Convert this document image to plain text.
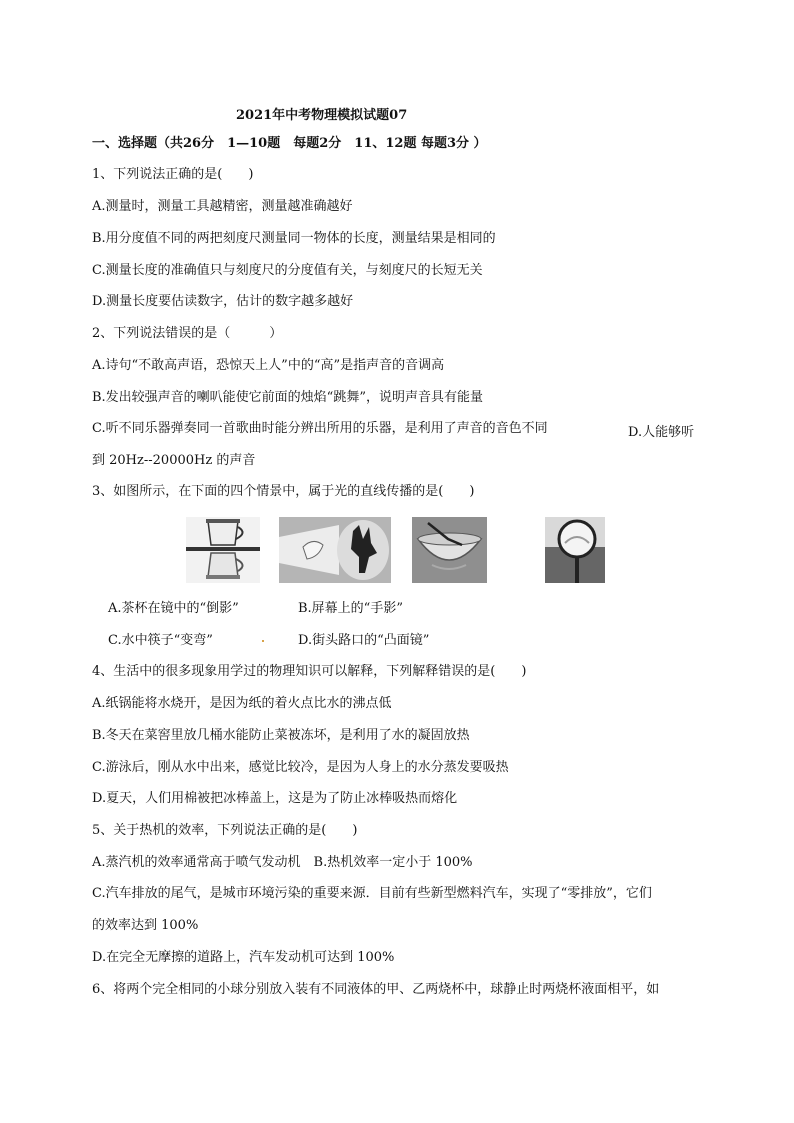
2021年中考物理模拟试题07
一、选择题（共26分　1—10题　每题2分　11、12题 每题3分 ）
1、下列说法正确的是(　　)
A.测量时，测量工具越精密，测量越准确越好
B.用分度值不同的两把刻度尺测量同一物体的长度，测量结果是相同的
C.测量长度的准确值只与刻度尺的分度值有关，与刻度尺的长短无关
D.测量长度要估读数字，估计的数字越多越好
2、下列说法错误的是（　　　）
A.诗句“不敢高声语，恐惊天上人”中的“高”是指声音的音调高
B.发出较强声音的喇叭能使它前面的烛焰“跳舞”，说明声音具有能量
C.听不同乐器弹奏同一首歌曲时能分辨出所用的乐器，是利用了声音的音色不同	D.人能够听
到 20Hz--20000Hz 的声音
3、如图所示，在下面的四个情景中，属于光的直线传播的是(　　)
A.茶杯在镜中的“倒影”	B.屏幕上的“手影”
C.水中筷子“变弯”	D.街头路口的“凸面镜”
4、生活中的很多现象用学过的物理知识可以解释，下列解释错误的是(　　)
A.纸锅能将水烧开，是因为纸的着火点比水的沸点低
B.冬天在菜窖里放几桶水能防止菜被冻坏，是利用了水的凝固放热
C.游泳后，刚从水中出来，感觉比较冷，是因为人身上的水分蒸发要吸热
D.夏天，人们用棉被把冰棒盖上，这是为了防止冰棒吸热而熔化
5、关于热机的效率，下列说法正确的是(　　)
A.蒸汽机的效率通常高于喷气发动机　B.热机效率一定小于 100%
C.汽车排放的尾气，是城市环境污染的重要来源．目前有些新型燃料汽车，实现了“零排放”，它们
的效率达到 100%
D.在完全无摩擦的道路上，汽车发动机可达到 100%
6、将两个完全相同的小球分别放入装有不同液体的甲、乙两烧杯中，球静止时两烧杯液面相平，如
